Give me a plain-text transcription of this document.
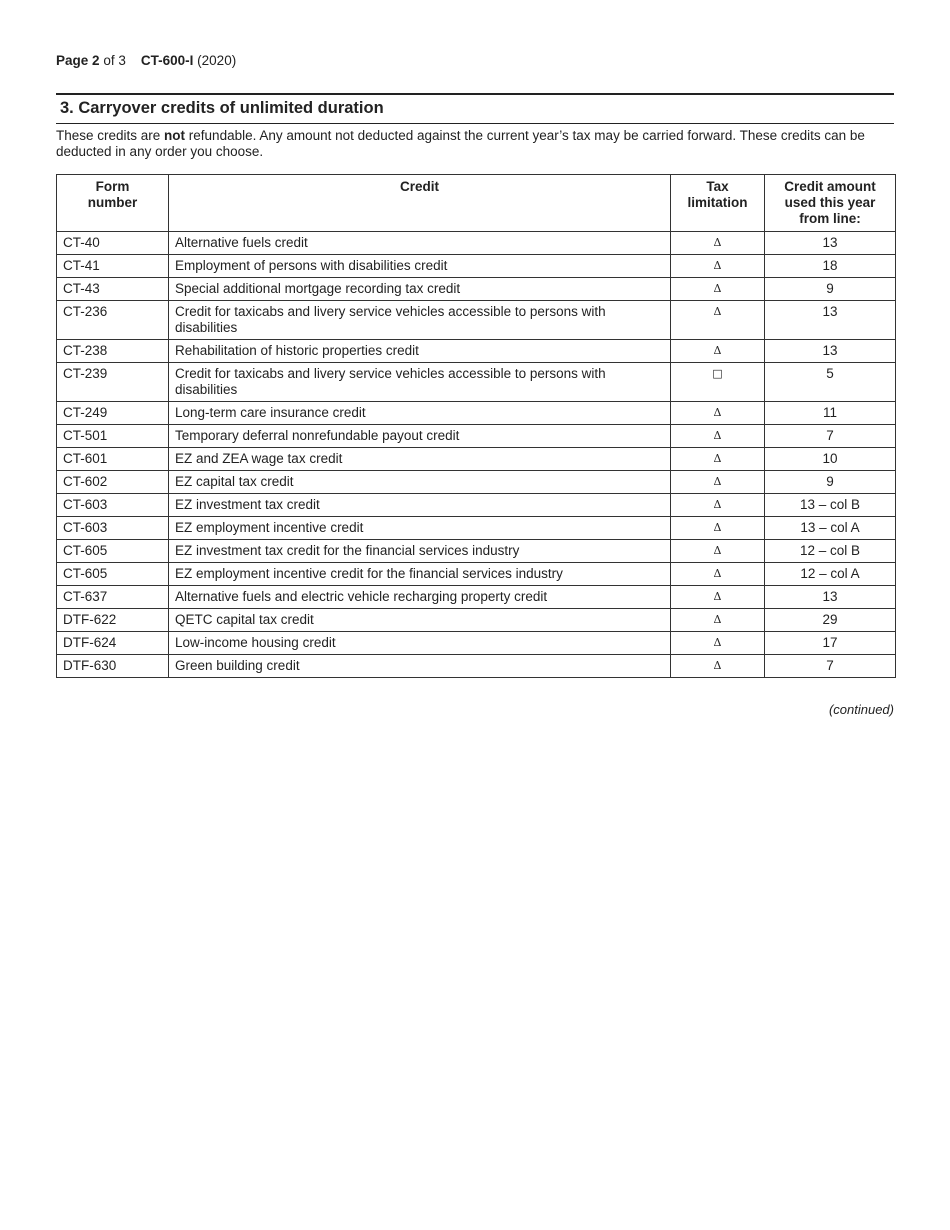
Page 2 of 3 CT-600-I (2020)
3. Carryover credits of unlimited duration
These credits are not refundable. Any amount not deducted against the current year’s tax may be carried forward. These credits can be deducted in any order you choose.
Form number	Credit	Tax limitation	Credit amount used this year from line:
CT-40	Alternative fuels credit	Δ	13
CT-41	Employment of persons with disabilities credit	Δ	18
CT-43	Special additional mortgage recording tax credit	Δ	9
CT-236	Credit for taxicabs and livery service vehicles accessible to persons with disabilities	Δ	13
CT-238	Rehabilitation of historic properties credit	Δ	13
CT-239	Credit for taxicabs and livery service vehicles accessible to persons with disabilities	□	5
CT-249	Long-term care insurance credit	Δ	11
CT-501	Temporary deferral nonrefundable payout credit	Δ	7
CT-601	EZ and ZEA wage tax credit	Δ	10
CT-602	EZ capital tax credit	Δ	9
CT-603	EZ investment tax credit	Δ	13 – col B
CT-603	EZ employment incentive credit	Δ	13 – col A
CT-605	EZ investment tax credit for the financial services industry	Δ	12 – col B
CT-605	EZ employment incentive credit for the financial services industry	Δ	12 – col A
CT-637	Alternative fuels and electric vehicle recharging property credit	Δ	13
DTF-622	QETC capital tax credit	Δ	29
DTF-624	Low-income housing credit	Δ	17
DTF-630	Green building credit	Δ	7
(continued)
